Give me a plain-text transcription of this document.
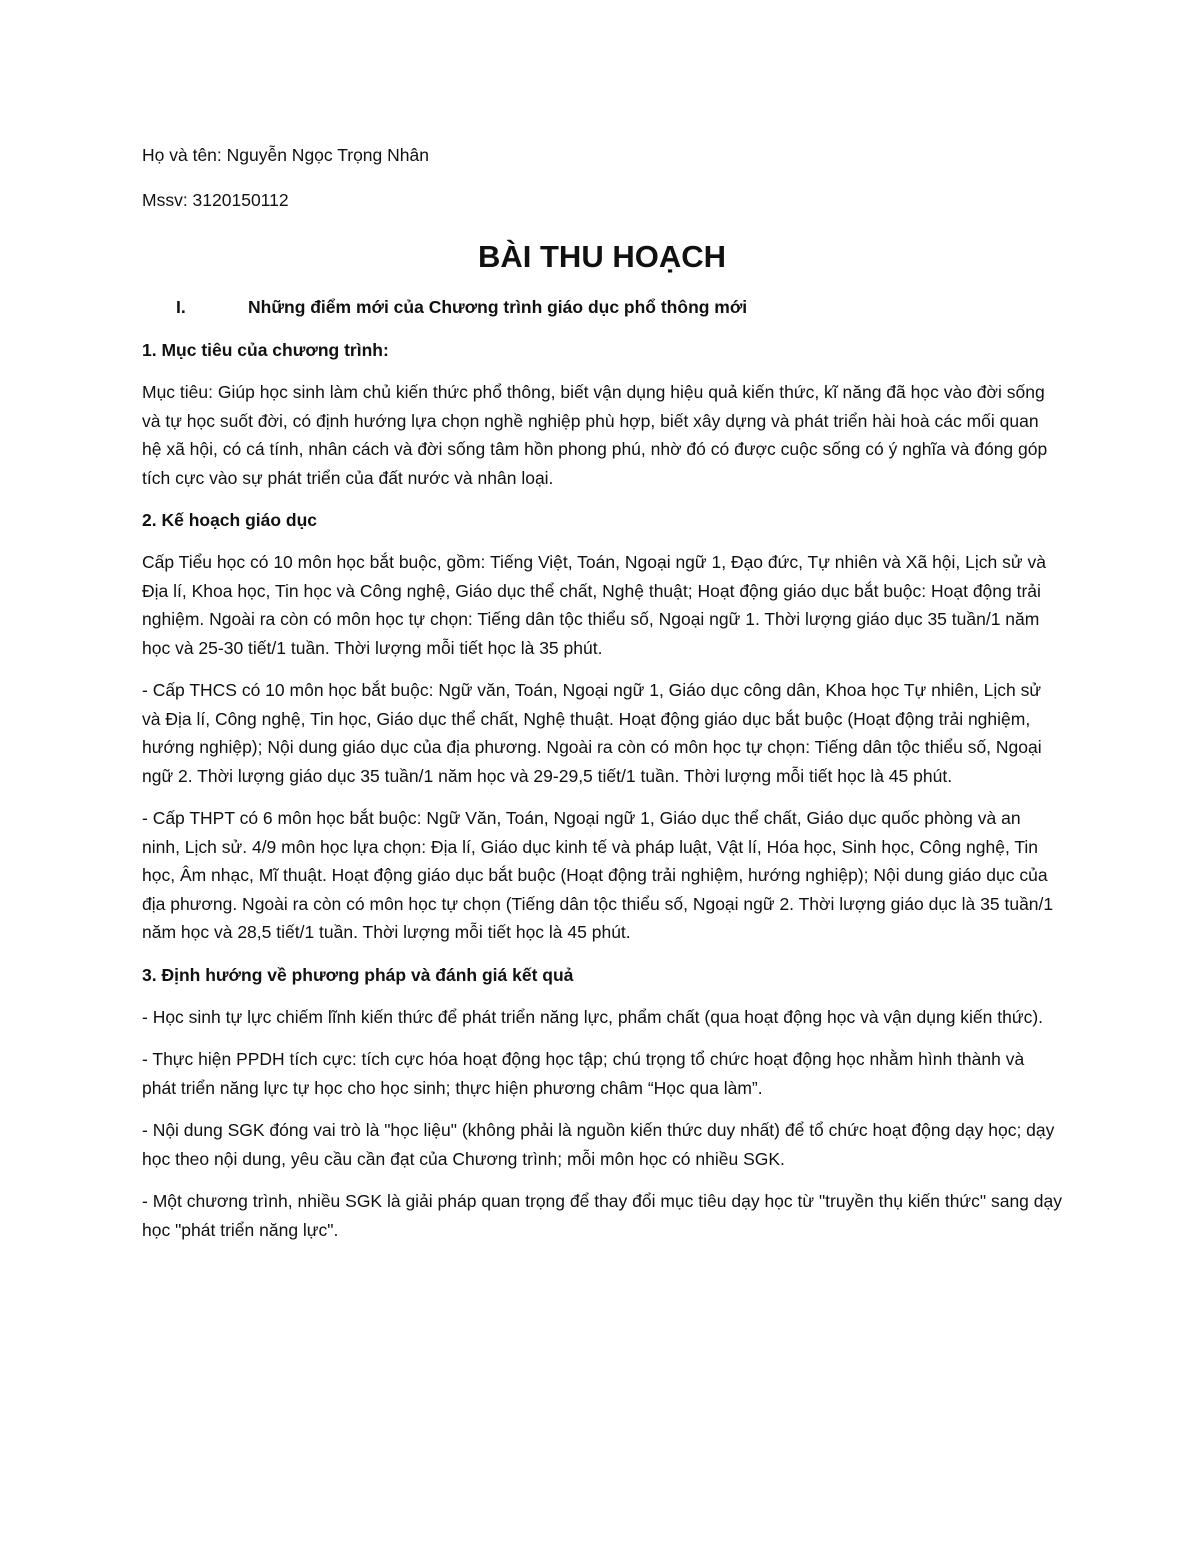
Họ và tên: Nguyễn Ngọc Trọng Nhân

Mssv: 3120150112

BÀI THU HOẠCH
I.	Những điểm mới của Chương trình giáo dục phổ thông mới

1. Mục tiêu của chương trình:

Mục tiêu: Giúp học sinh làm chủ kiến thức phổ thông, biết vận dụng hiệu quả kiến thức, kĩ năng đã học vào đời sống và tự học suốt đời, có định hướng lựa chọn nghề nghiệp phù hợp, biết xây dựng và phát triển hài hoà các mối quan hệ xã hội, có cá tính, nhân cách và đời sống tâm hồn phong phú, nhờ đó có được cuộc sống có ý nghĩa và đóng góp tích cực vào sự phát triển của đất nước và nhân loại.

2. Kế hoạch giáo dục

Cấp Tiểu học có 10 môn học bắt buộc, gồm: Tiếng Việt, Toán, Ngoại ngữ 1, Đạo đức, Tự nhiên và Xã hội, Lịch sử và Địa lí, Khoa học, Tin học và Công nghệ, Giáo dục thể chất, Nghệ thuật; Hoạt động giáo dục bắt buộc: Hoạt động trải nghiệm. Ngoài ra còn có môn học tự chọn: Tiếng dân tộc thiểu số, Ngoại ngữ 1. Thời lượng giáo dục 35 tuần/1 năm học và 25-30 tiết/1 tuần. Thời lượng mỗi tiết học là 35 phút.

- Cấp THCS có 10 môn học bắt buộc: Ngữ văn, Toán, Ngoại ngữ 1, Giáo dục công dân, Khoa học Tự nhiên, Lịch sử và Địa lí, Công nghệ, Tin học, Giáo dục thể chất, Nghệ thuật. Hoạt động giáo dục bắt buộc (Hoạt động trải nghiệm, hướng nghiệp); Nội dung giáo dục của địa phương. Ngoài ra còn có môn học tự chọn: Tiếng dân tộc thiểu số, Ngoại ngữ 2. Thời lượng giáo dục 35 tuần/1 năm học và 29-29,5 tiết/1 tuần. Thời lượng mỗi tiết học là 45 phút.

- Cấp THPT có 6 môn học bắt buộc: Ngữ Văn, Toán, Ngoại ngữ 1, Giáo dục thể chất, Giáo dục quốc phòng và an ninh, Lịch sử. 4/9 môn học lựa chọn: Địa lí, Giáo dục kinh tế và pháp luật, Vật lí, Hóa học, Sinh học, Công nghệ, Tin học, Âm nhạc, Mĩ thuật. Hoạt động giáo dục bắt buộc (Hoạt động trải nghiệm, hướng nghiệp); Nội dung giáo dục của địa phương. Ngoài ra còn có môn học tự chọn (Tiếng dân tộc thiểu số, Ngoại ngữ 2. Thời lượng giáo dục là 35 tuần/1 năm học và 28,5 tiết/1 tuần. Thời lượng mỗi tiết học là 45 phút.

3. Định hướng về phương pháp và đánh giá kết quả

- Học sinh tự lực chiếm lĩnh kiến thức để phát triển năng lực, phẩm chất (qua hoạt động học và vận dụng kiến thức).

- Thực hiện PPDH tích cực: tích cực hóa hoạt động học tập; chú trọng tổ chức hoạt động học nhằm hình thành và phát triển năng lực tự học cho học sinh; thực hiện phương châm “Học qua làm”.

- Nội dung SGK đóng vai trò là "học liệu" (không phải là nguồn kiến thức duy nhất) để tổ chức hoạt động dạy học; dạy học theo nội dung, yêu cầu cần đạt của Chương trình; mỗi môn học có nhiều SGK.

- Một chương trình, nhiều SGK là giải pháp quan trọng để thay đổi mục tiêu dạy học từ "truyền thụ kiến thức" sang dạy học "phát triển năng lực".
